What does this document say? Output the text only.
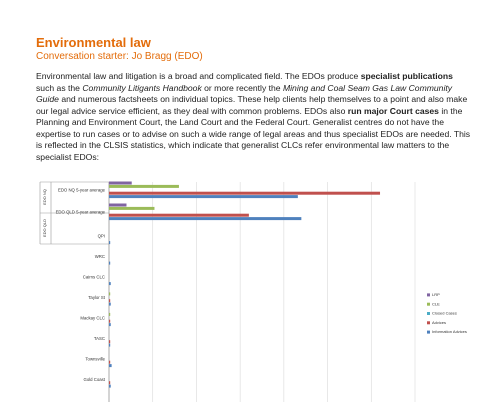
Environmental law
Conversation starter: Jo Bragg (EDO)
Environmental law and litigation is a broad and complicated field. The EDOs produce specialist publications such as the Community Litigants Handbook or more recently the Mining and Coal Seam Gas Law Community Guide and numerous factsheets on individual topics. These help clients help themselves to a point and also make our legal advice service efficient, as they deal with common problems. EDOs also run major Court cases in the Planning and Environment Court, the Land Court and the Federal Court. Generalist centres do not have the expertise to run cases or to advise on such a wide range of legal areas and thus specialist EDOs are needed. This is reflected in the CLSIS statistics, which indicate that generalist CLCs refer environmental law matters to the specialist EDOs:
EDO NQ
EDO QLD
EDO NQ 5-year average
EDO QLD 5-year average
QPI
WRC
Cairns CLC
Taylor St
Mackay CLC
TASC
Townsville
Gold Coast
LRP
CLE
Closed Cases
Advices
Information Advices
